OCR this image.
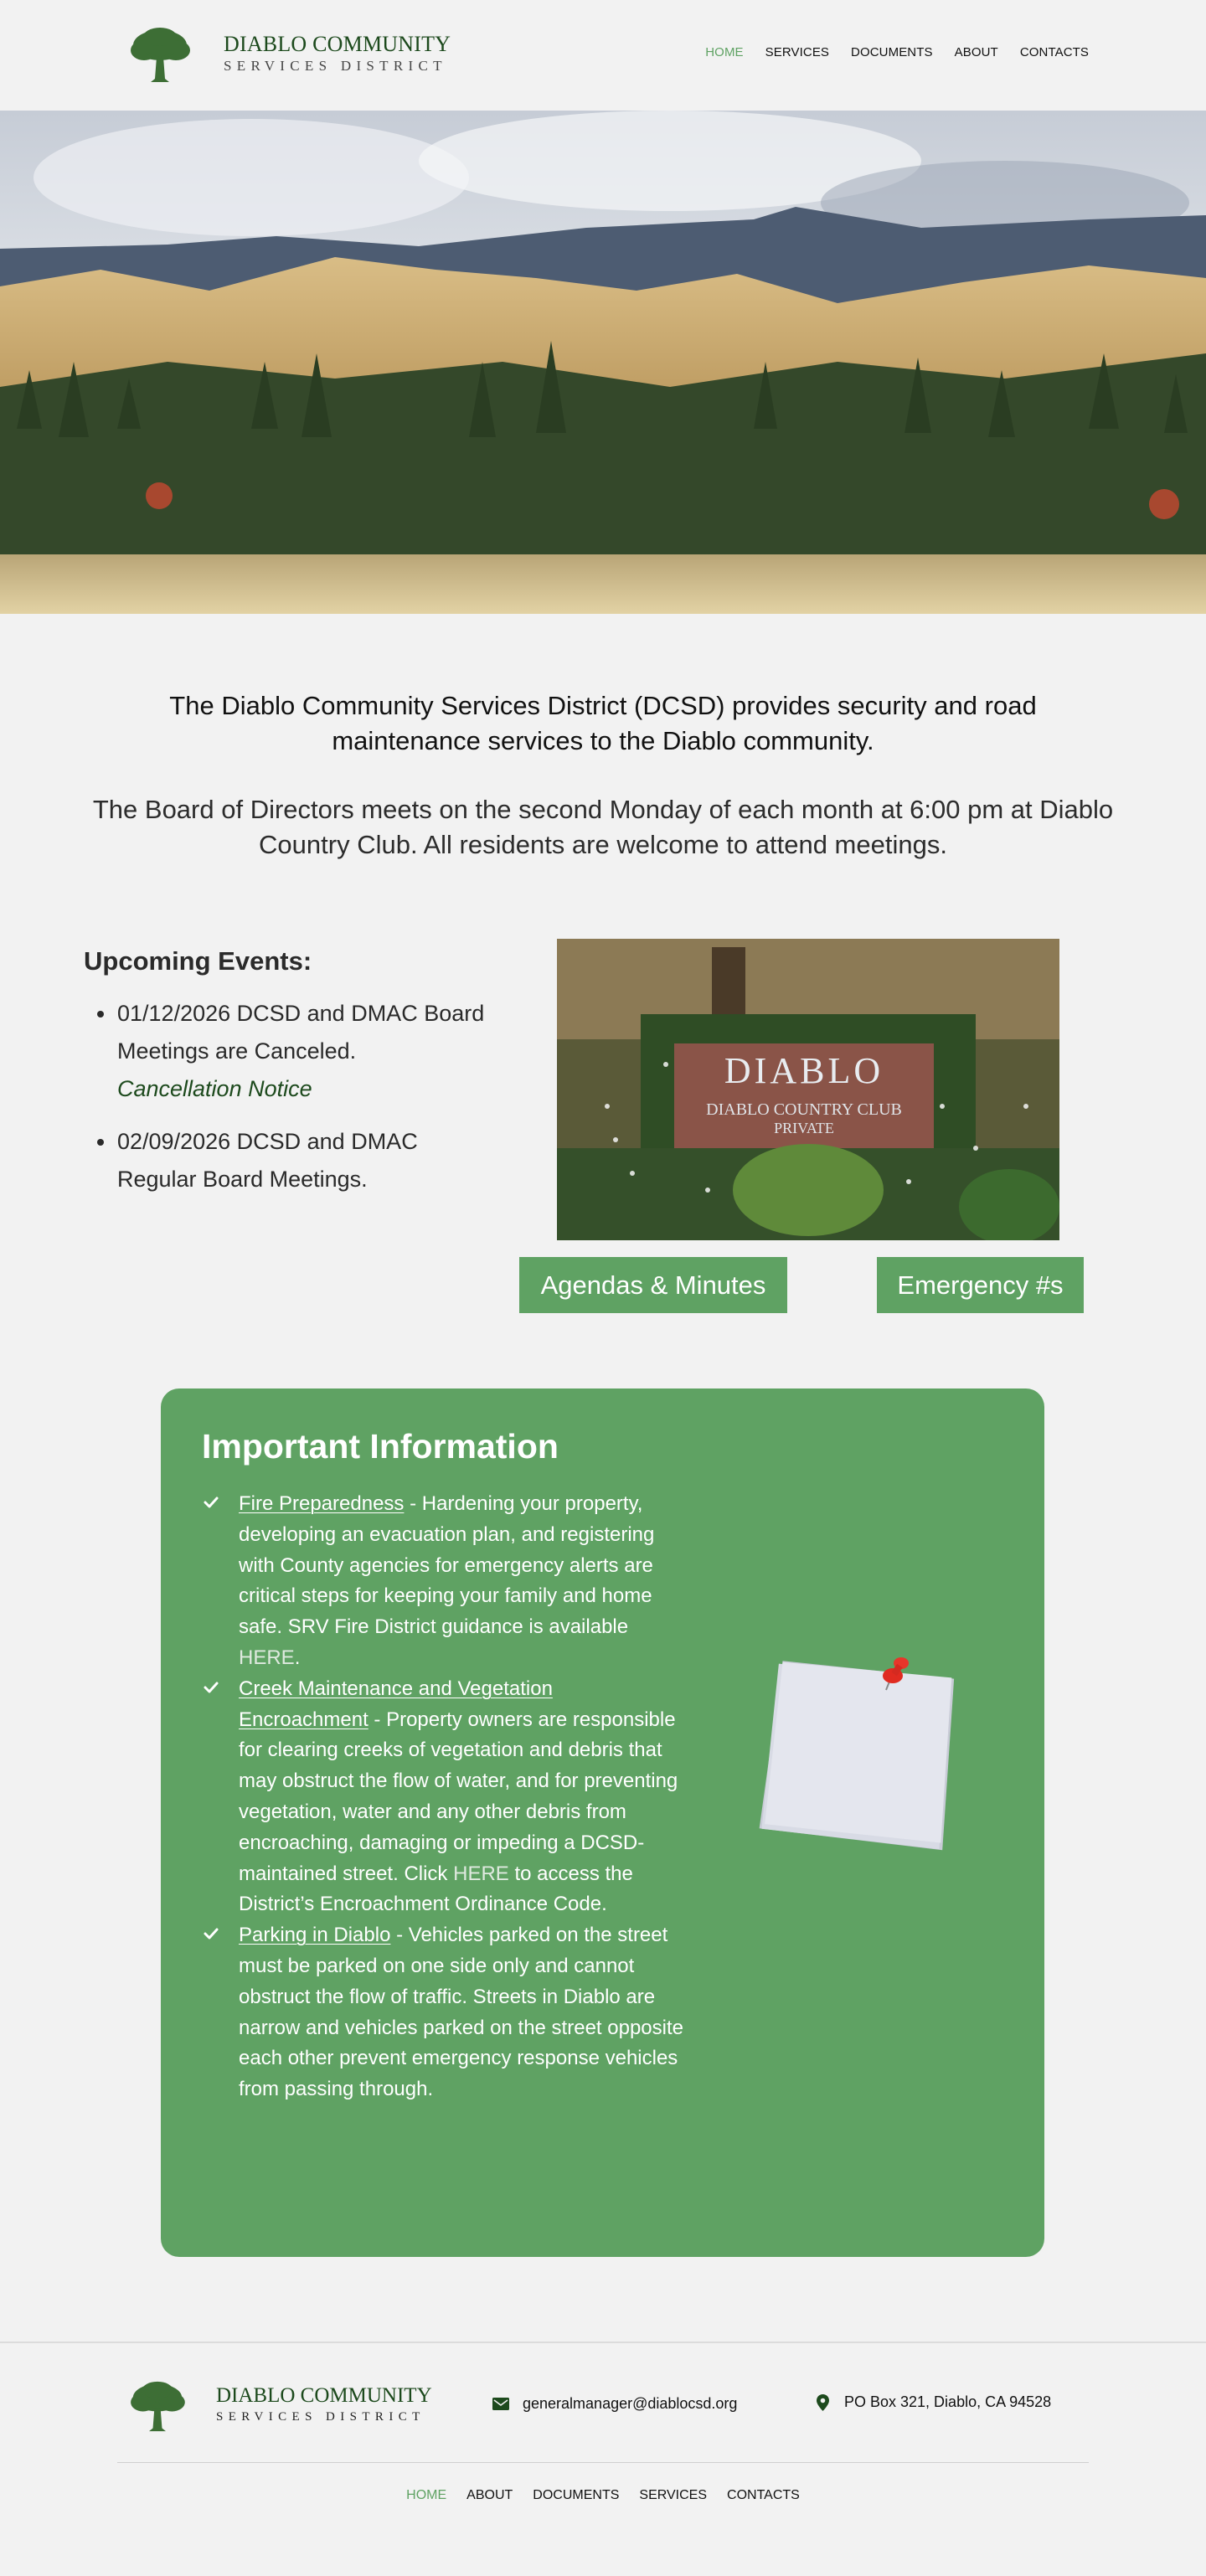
DIABLO COMMUNITY
SERVICES DISTRICT
HOME SERVICES DOCUMENTS ABOUT CONTACTS

The Diablo Community Services District (DCSD) provides security and road maintenance services to the Diablo community.

The Board of Directors meets on the second Monday of each month at 6:00 pm at Diablo Country Club. All residents are welcome to attend meetings.

Upcoming Events:
01/12/2026 DCSD and DMAC Board Meetings are Canceled.
Cancellation Notice
02/09/2026 DCSD and DMAC Regular Board Meetings.
DIABLO
DIABLO COUNTRY CLUB
PRIVATE
Agendas & Minutes	Emergency #s
Important Information
Fire Preparedness - Hardening your property, developing an evacuation plan, and registering with County agencies for emergency alerts are critical steps for keeping your family and home safe. SRV Fire District guidance is available HERE.
Creek Maintenance and Vegetation Encroachment - Property owners are responsible for clearing creeks of vegetation and debris that may obstruct the flow of water, and for preventing vegetation, water and any other debris from encroaching, damaging or impeding a DCSD-maintained street. Click HERE to access the District’s Encroachment Ordinance Code.
Parking in Diablo - Vehicles parked on the street must be parked on one side only and cannot obstruct the flow of traffic. Streets in Diablo are narrow and vehicles parked on the street opposite each other prevent emergency response vehicles from passing through.
DIABLO COMMUNITY
SERVICES DISTRICT
generalmanager@diablocsd.org	PO Box 321, Diablo, CA 94528
HOME ABOUT DOCUMENTS SERVICES CONTACTS
